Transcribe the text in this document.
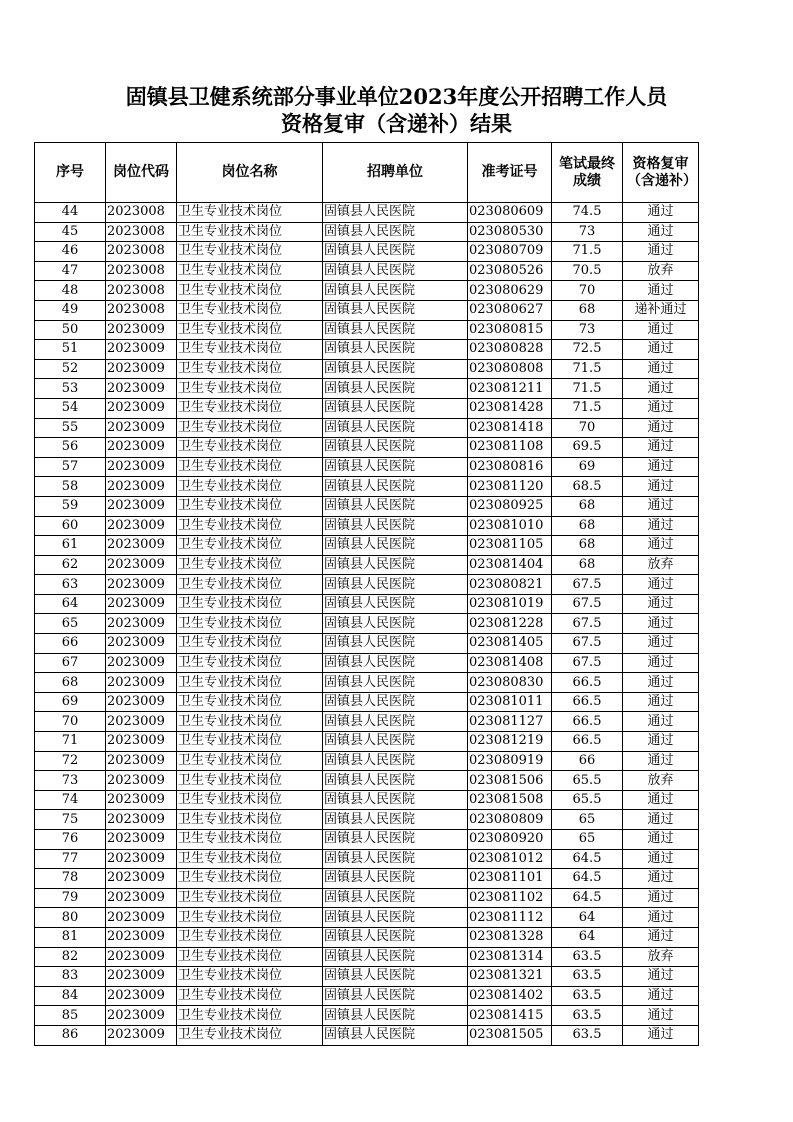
固镇县卫健系统部分事业单位2023年度公开招聘工作人员
资格复审（含递补）结果
序号	岗位代码	岗位名称	招聘单位	准考证号	笔试最终成绩	资格复审（含递补）
44	2023008	卫生专业技术岗位	固镇县人民医院	023080609	74.5	通过
45	2023008	卫生专业技术岗位	固镇县人民医院	023080530	73	通过
46	2023008	卫生专业技术岗位	固镇县人民医院	023080709	71.5	通过
47	2023008	卫生专业技术岗位	固镇县人民医院	023080526	70.5	放弃
48	2023008	卫生专业技术岗位	固镇县人民医院	023080629	70	通过
49	2023008	卫生专业技术岗位	固镇县人民医院	023080627	68	递补通过
50	2023009	卫生专业技术岗位	固镇县人民医院	023080815	73	通过
51	2023009	卫生专业技术岗位	固镇县人民医院	023080828	72.5	通过
52	2023009	卫生专业技术岗位	固镇县人民医院	023080808	71.5	通过
53	2023009	卫生专业技术岗位	固镇县人民医院	023081211	71.5	通过
54	2023009	卫生专业技术岗位	固镇县人民医院	023081428	71.5	通过
55	2023009	卫生专业技术岗位	固镇县人民医院	023081418	70	通过
56	2023009	卫生专业技术岗位	固镇县人民医院	023081108	69.5	通过
57	2023009	卫生专业技术岗位	固镇县人民医院	023080816	69	通过
58	2023009	卫生专业技术岗位	固镇县人民医院	023081120	68.5	通过
59	2023009	卫生专业技术岗位	固镇县人民医院	023080925	68	通过
60	2023009	卫生专业技术岗位	固镇县人民医院	023081010	68	通过
61	2023009	卫生专业技术岗位	固镇县人民医院	023081105	68	通过
62	2023009	卫生专业技术岗位	固镇县人民医院	023081404	68	放弃
63	2023009	卫生专业技术岗位	固镇县人民医院	023080821	67.5	通过
64	2023009	卫生专业技术岗位	固镇县人民医院	023081019	67.5	通过
65	2023009	卫生专业技术岗位	固镇县人民医院	023081228	67.5	通过
66	2023009	卫生专业技术岗位	固镇县人民医院	023081405	67.5	通过
67	2023009	卫生专业技术岗位	固镇县人民医院	023081408	67.5	通过
68	2023009	卫生专业技术岗位	固镇县人民医院	023080830	66.5	通过
69	2023009	卫生专业技术岗位	固镇县人民医院	023081011	66.5	通过
70	2023009	卫生专业技术岗位	固镇县人民医院	023081127	66.5	通过
71	2023009	卫生专业技术岗位	固镇县人民医院	023081219	66.5	通过
72	2023009	卫生专业技术岗位	固镇县人民医院	023080919	66	通过
73	2023009	卫生专业技术岗位	固镇县人民医院	023081506	65.5	放弃
74	2023009	卫生专业技术岗位	固镇县人民医院	023081508	65.5	通过
75	2023009	卫生专业技术岗位	固镇县人民医院	023080809	65	通过
76	2023009	卫生专业技术岗位	固镇县人民医院	023080920	65	通过
77	2023009	卫生专业技术岗位	固镇县人民医院	023081012	64.5	通过
78	2023009	卫生专业技术岗位	固镇县人民医院	023081101	64.5	通过
79	2023009	卫生专业技术岗位	固镇县人民医院	023081102	64.5	通过
80	2023009	卫生专业技术岗位	固镇县人民医院	023081112	64	通过
81	2023009	卫生专业技术岗位	固镇县人民医院	023081328	64	通过
82	2023009	卫生专业技术岗位	固镇县人民医院	023081314	63.5	放弃
83	2023009	卫生专业技术岗位	固镇县人民医院	023081321	63.5	通过
84	2023009	卫生专业技术岗位	固镇县人民医院	023081402	63.5	通过
85	2023009	卫生专业技术岗位	固镇县人民医院	023081415	63.5	通过
86	2023009	卫生专业技术岗位	固镇县人民医院	023081505	63.5	通过
